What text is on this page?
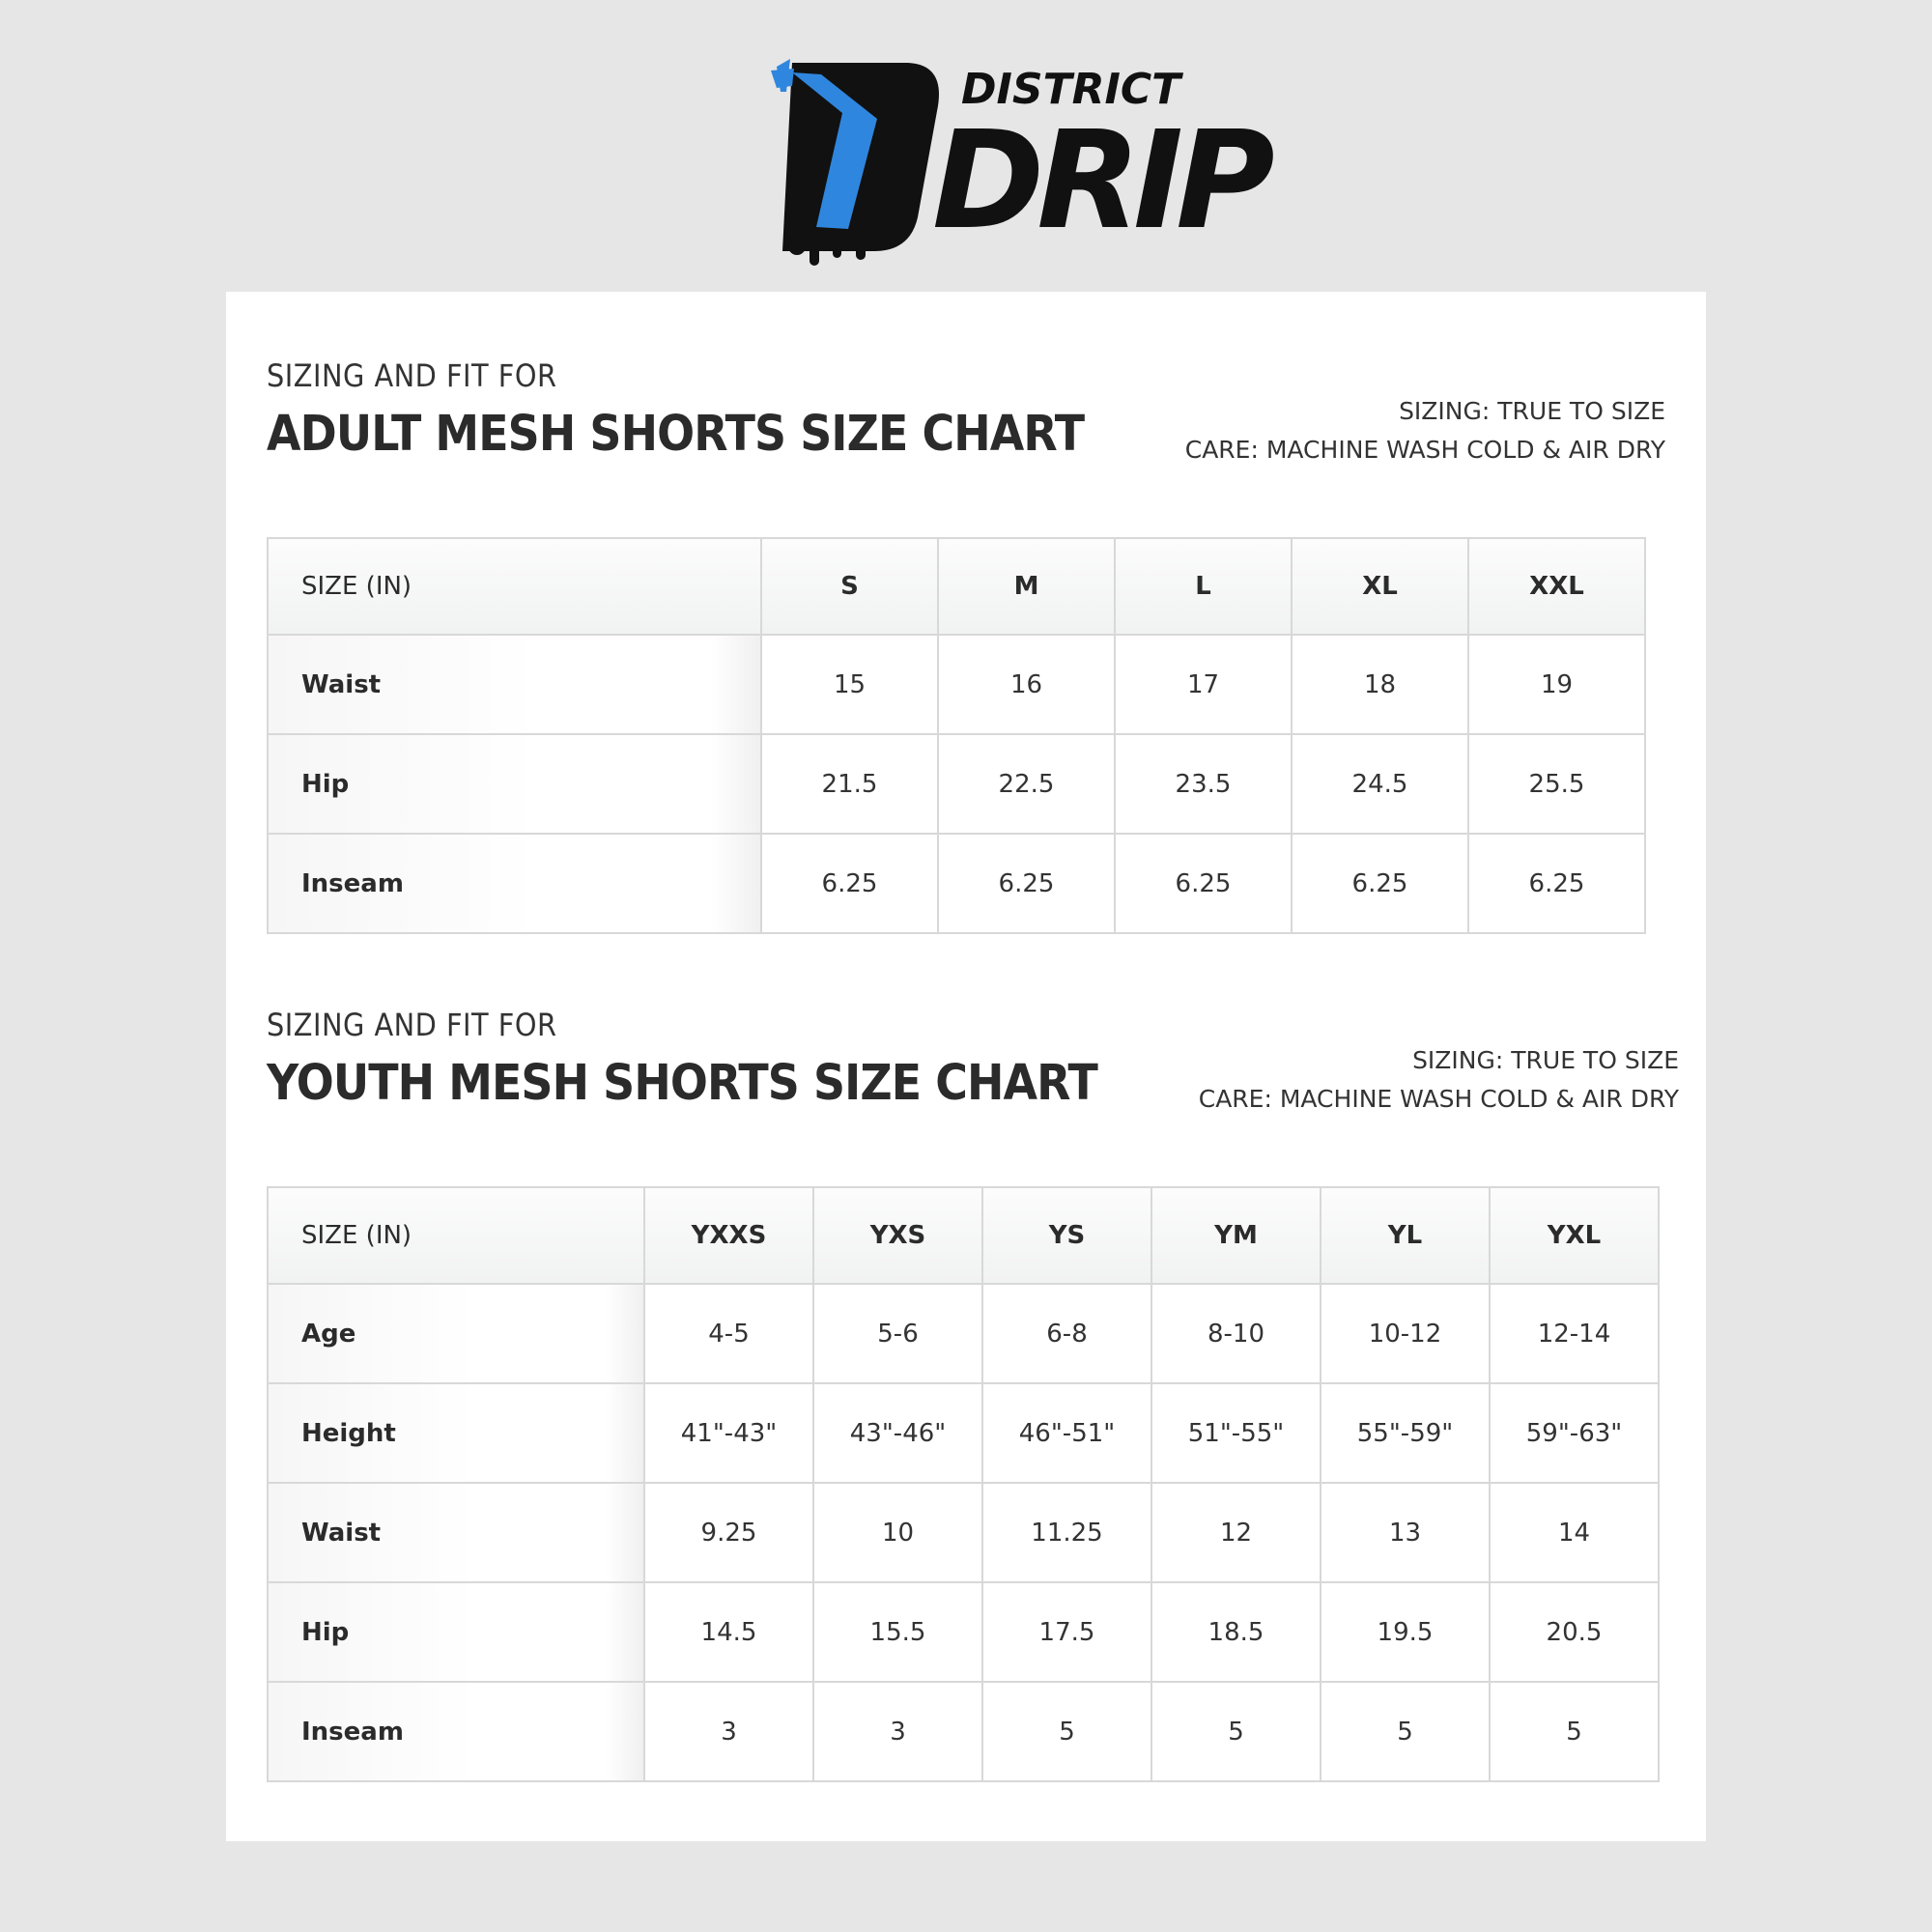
DISTRICT
DRIP
SIZING AND FIT FOR
ADULT MESH SHORTS SIZE CHART	SIZING: TRUE TO SIZE
CARE: MACHINE WASH COLD & AIR DRY
SIZE (IN)	S	M	L	XL	XXL
Waist	15	16	17	18	19
Hip	21.5	22.5	23.5	24.5	25.5
Inseam	6.25	6.25	6.25	6.25	6.25
SIZING AND FIT FOR
YOUTH MESH SHORTS SIZE CHART	SIZING: TRUE TO SIZE
CARE: MACHINE WASH COLD & AIR DRY
SIZE (IN)	YXXS	YXS	YS	YM	YL	YXL
Age	4-5	5-6	6-8	8-10	10-12	12-14
Height	41"-43"	43"-46"	46"-51"	51"-55"	55"-59"	59"-63"
Waist	9.25	10	11.25	12	13	14
Hip	14.5	15.5	17.5	18.5	19.5	20.5
Inseam	3	3	5	5	5	5
